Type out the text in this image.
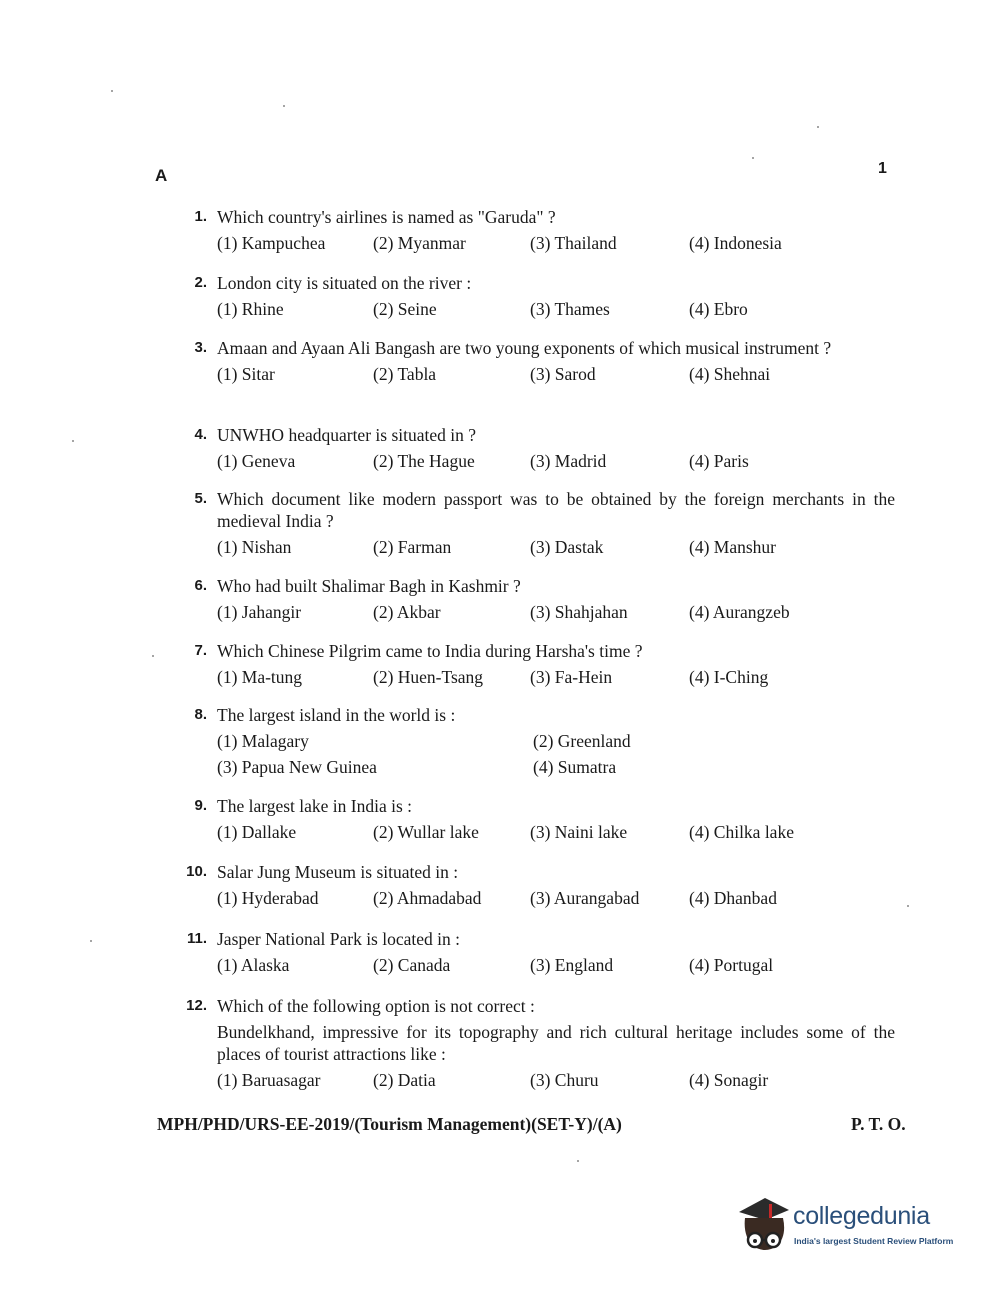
A	1
1. Which country's airlines is named as "Garuda" ?
(1) Kampuchea	(2) Myanmar	(3) Thailand	(4) Indonesia
2. London city is situated on the river :
(1) Rhine	(2) Seine	(3) Thames	(4) Ebro
3. Amaan and Ayaan Ali Bangash are two young exponents of which musical instrument ?
(1) Sitar	(2) Tabla	(3) Sarod	(4) Shehnai
4. UNWHO headquarter is situated in ?
(1) Geneva	(2) The Hague	(3) Madrid	(4) Paris
5. Which document like modern passport was to be obtained by the foreign merchants in the medieval India ?
(1) Nishan	(2) Farman	(3) Dastak	(4) Manshur
6. Who had built Shalimar Bagh in Kashmir ?
(1) Jahangir	(2) Akbar	(3) Shahjahan	(4) Aurangzeb
7. Which Chinese Pilgrim came to India during Harsha's time ?
(1) Ma-tung	(2) Huen-Tsang	(3) Fa-Hein	(4) I-Ching
8. The largest island in the world is :
(1) Malagary	(2) Greenland
(3) Papua New Guinea	(4) Sumatra
9. The largest lake in India is :
(1) Dallake	(2) Wullar lake	(3) Naini lake	(4) Chilka lake
10. Salar Jung Museum is situated in :
(1) Hyderabad	(2) Ahmadabad	(3) Aurangabad	(4) Dhanbad
11. Jasper National Park is located in :
(1) Alaska	(2) Canada	(3) England	(4) Portugal
12. Which of the following option is not correct :
Bundelkhand, impressive for its topography and rich cultural heritage includes some of the places of tourist attractions like :
(1) Baruasagar	(2) Datia	(3) Churu	(4) Sonagir
MPH/PHD/URS-EE-2019/(Tourism Management)(SET-Y)/(A)	P. T. O.
collegedunia
India's largest Student Review Platform
